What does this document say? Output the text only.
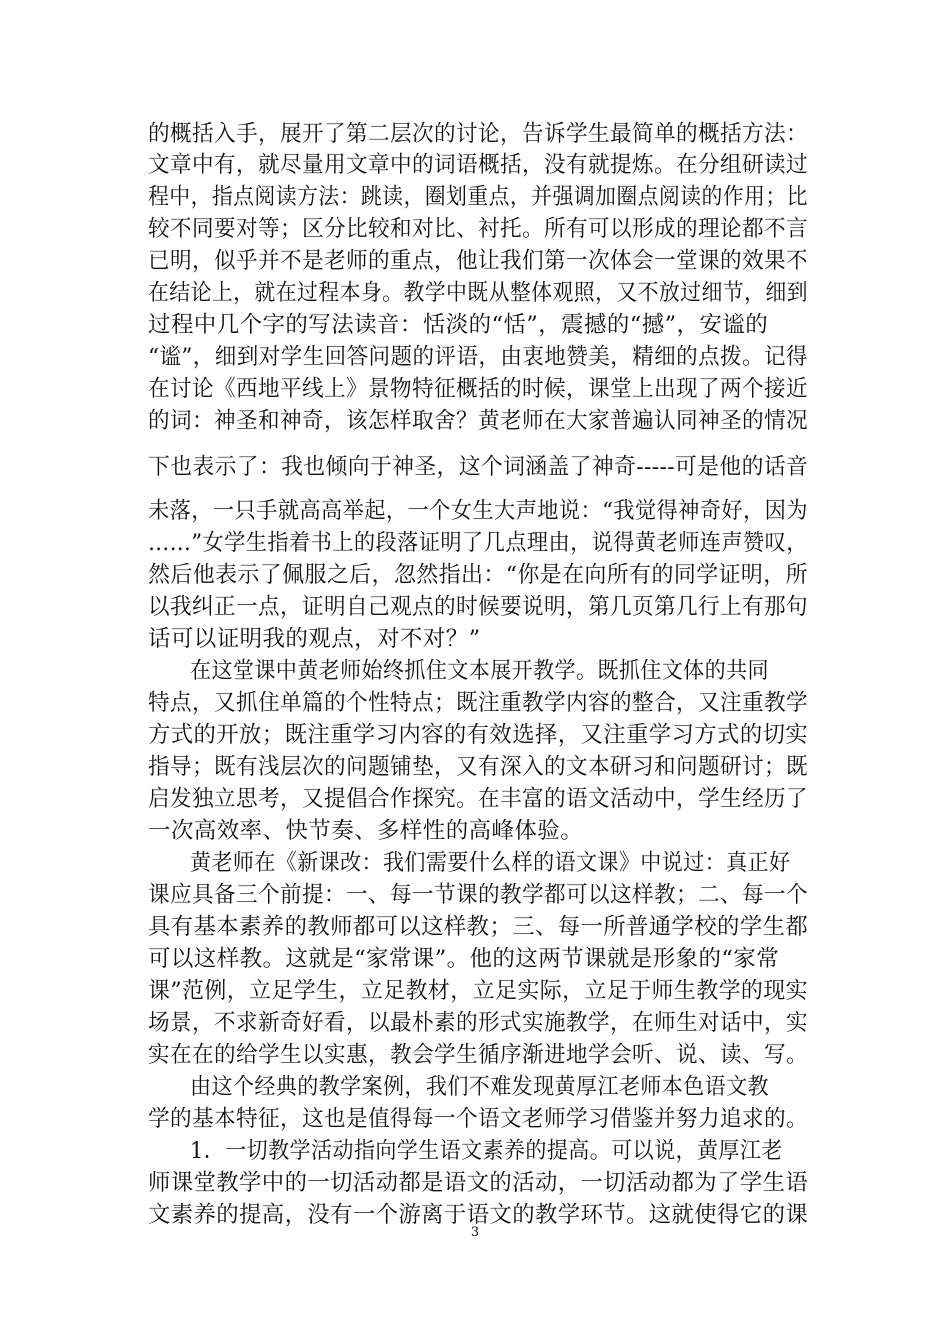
的概括入手，展开了第二层次的讨论，告诉学生最简单的概括方法：
文章中有，就尽量用文章中的词语概括，没有就提炼。在分组研读过
程中，指点阅读方法：跳读，圈划重点，并强调加圈点阅读的作用；比
较不同要对等；区分比较和对比、衬托。所有可以形成的理论都不言
已明，似乎并不是老师的重点，他让我们第一次体会一堂课的效果不
在结论上，就在过程本身。教学中既从整体观照，又不放过细节，细到
过程中几个字的写法读音：恬淡的“恬”，震撼的“撼”，安谧的
“谧”，细到对学生回答问题的评语，由衷地赞美，精细的点拨。记得
在讨论《西地平线上》景物特征概括的时候，课堂上出现了两个接近
的词：神圣和神奇，该怎样取舍？黄老师在大家普遍认同神圣的情况
下也表示了：我也倾向于神圣，这个词涵盖了神奇-----可是他的话音
未落，一只手就高高举起，一个女生大声地说：“我觉得神奇好，因为
……”女学生指着书上的段落证明了几点理由，说得黄老师连声赞叹，
然后他表示了佩服之后，忽然指出：“你是在向所有的同学证明，所
以我纠正一点，证明自己观点的时候要说明，第几页第几行上有那句
话可以证明我的观点，对不对？”
在这堂课中黄老师始终抓住文本展开教学。既抓住文体的共同
特点，又抓住单篇的个性特点；既注重教学内容的整合，又注重教学
方式的开放；既注重学习内容的有效选择，又注重学习方式的切实
指导；既有浅层次的问题铺垫，又有深入的文本研习和问题研讨；既
启发独立思考，又提倡合作探究。在丰富的语文活动中，学生经历了
一次高效率、快节奏、多样性的高峰体验。
黄老师在《新课改：我们需要什么样的语文课》中说过：真正好
课应具备三个前提：一、每一节课的教学都可以这样教；二、每一个
具有基本素养的教师都可以这样教；三、每一所普通学校的学生都
可以这样教。这就是“家常课”。他的这两节课就是形象的“家常
课”范例，立足学生，立足教材，立足实际，立足于师生教学的现实
场景，不求新奇好看，以最朴素的形式实施教学，在师生对话中，实
实在在的给学生以实惠，教会学生循序渐进地学会听、说、读、写。
由这个经典的教学案例，我们不难发现黄厚江老师本色语文教
学的基本特征，这也是值得每一个语文老师学习借鉴并努力追求的。
1．一切教学活动指向学生语文素养的提高。可以说，黄厚江老
师课堂教学中的一切活动都是语文的活动，一切活动都为了学生语
文素养的提高，没有一个游离于语文的教学环节。这就使得它的课
3
